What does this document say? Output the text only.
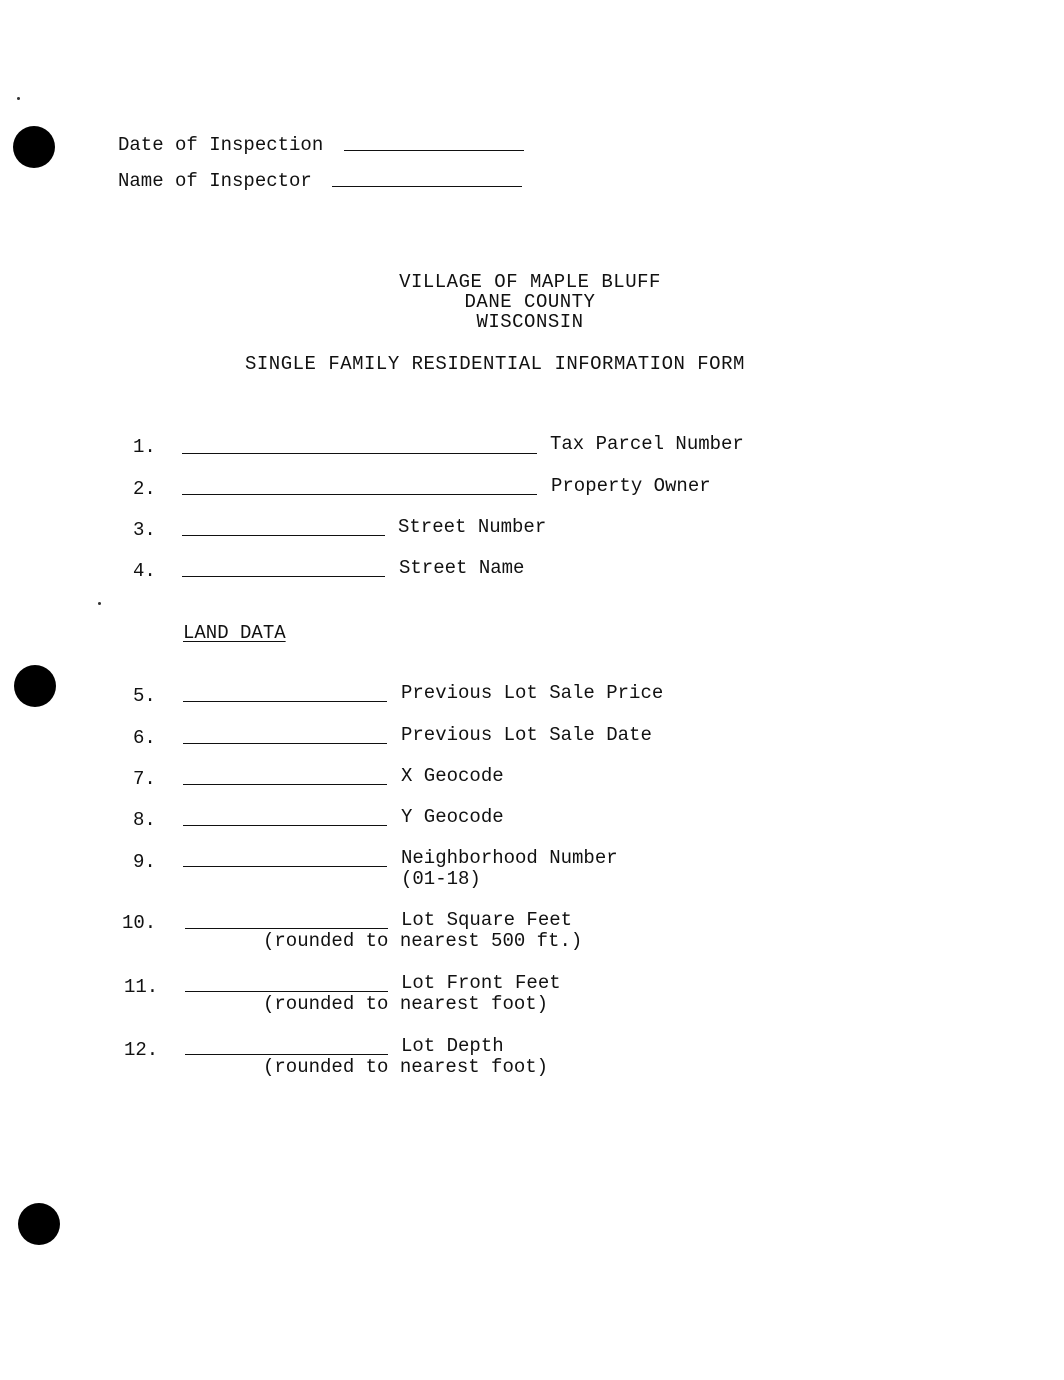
Date of Inspection
Name of Inspector
VILLAGE OF MAPLE BLUFF
DANE COUNTY
WISCONSIN
SINGLE FAMILY RESIDENTIAL INFORMATION FORM
1.	Tax Parcel Number
2.	Property Owner
3.	Street Number
4.	Street Name
LAND DATA
5.	Previous Lot Sale Price
6.	Previous Lot Sale Date
7.	X Geocode
8.	Y Geocode
9.	Neighborhood Number
(01-18)
10.	Lot Square Feet
(rounded to nearest 500 ft.)
11.	Lot Front Feet
(rounded to nearest foot)
12.	Lot Depth
(rounded to nearest foot)
